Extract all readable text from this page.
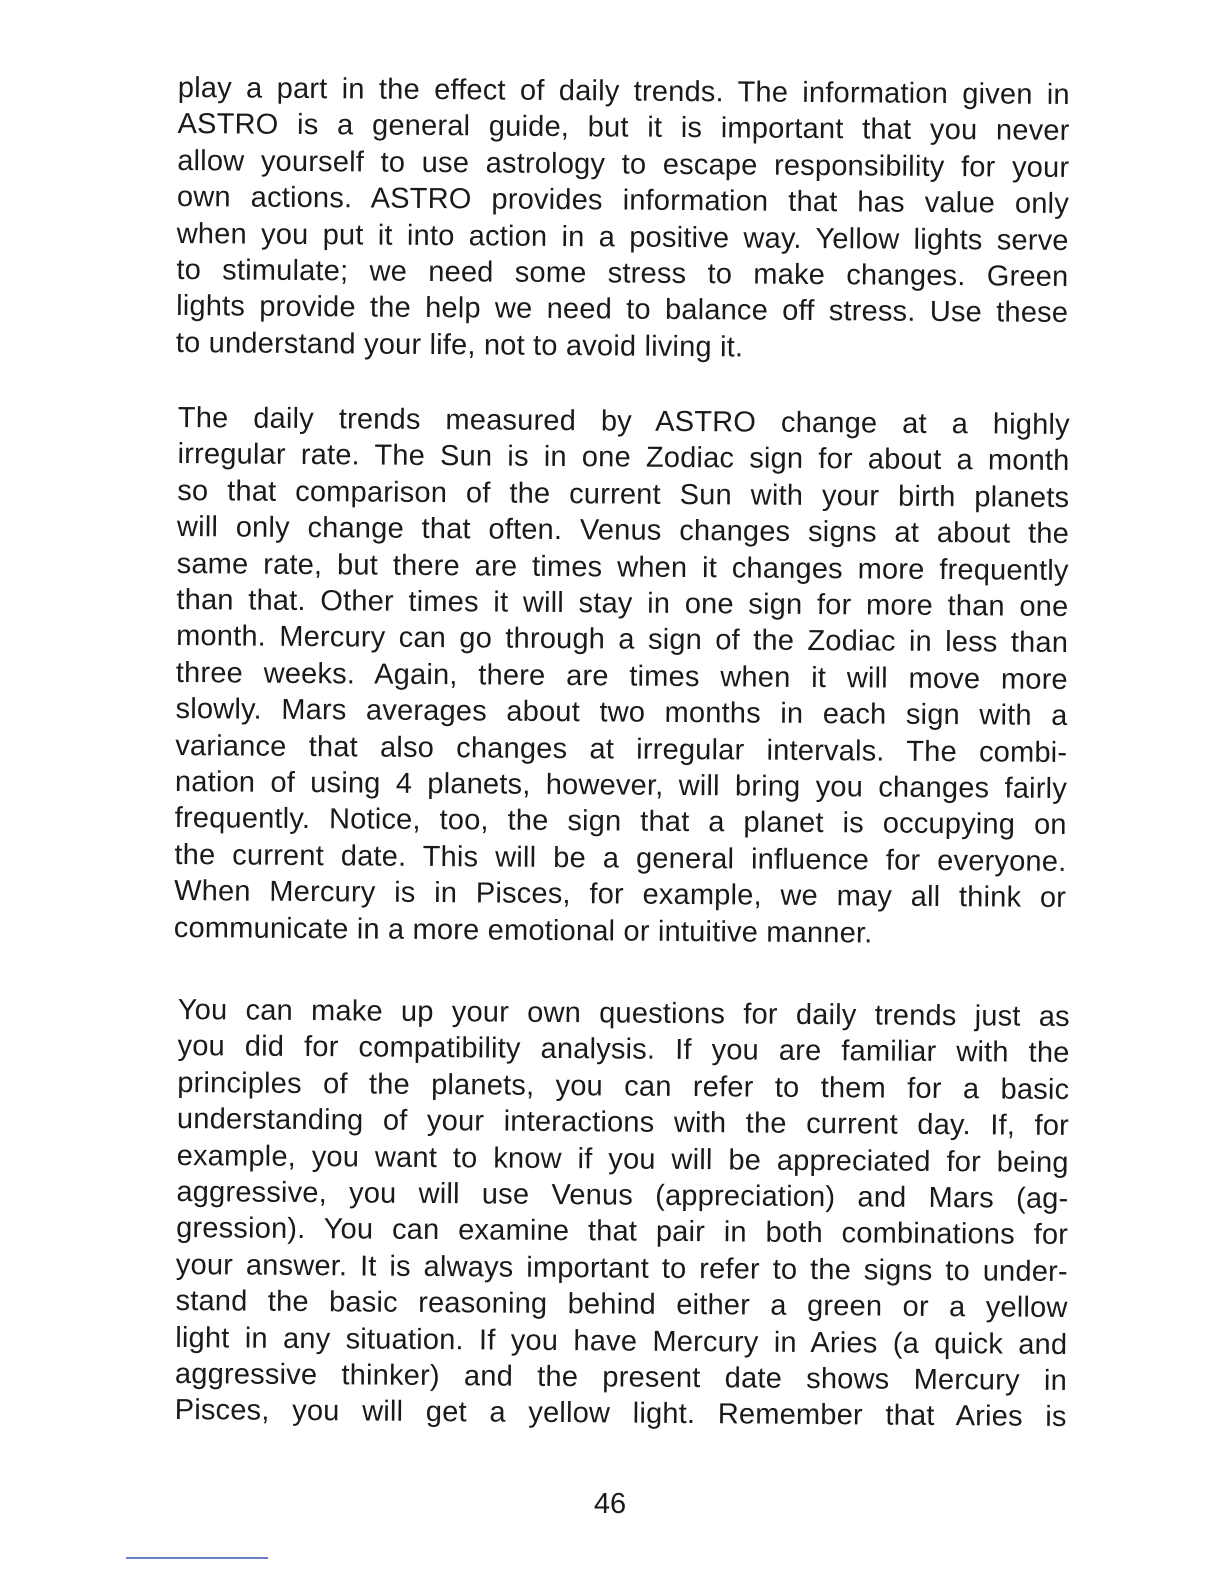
play a part in the effect of daily trends. The information given in
ASTRO is a general guide, but it is important that you never
allow yourself to use astrology to escape responsibility for your
own actions. ASTRO provides information that has value only
when you put it into action in a positive way. Yellow lights serve
to stimulate; we need some stress to make changes. Green
lights provide the help we need to balance off stress. Use these
to understand your life, not to avoid living it.
The daily trends measured by ASTRO change at a highly
irregular rate. The Sun is in one Zodiac sign for about a month
so that comparison of the current Sun with your birth planets
will only change that often. Venus changes signs at about the
same rate, but there are times when it changes more frequently
than that. Other times it will stay in one sign for more than one
month. Mercury can go through a sign of the Zodiac in less than
three weeks. Again, there are times when it will move more
slowly. Mars averages about two months in each sign with a
variance that also changes at irregular intervals. The combi-
nation of using 4 planets, however, will bring you changes fairly
frequently. Notice, too, the sign that a planet is occupying on
the current date. This will be a general influence for everyone.
When Mercury is in Pisces, for example, we may all think or
communicate in a more emotional or intuitive manner.
You can make up your own questions for daily trends just as
you did for compatibility analysis. If you are familiar with the
principles of the planets, you can refer to them for a basic
understanding of your interactions with the current day. If, for
example, you want to know if you will be appreciated for being
aggressive, you will use Venus (appreciation) and Mars (ag-
gression). You can examine that pair in both combinations for
your answer. It is always important to refer to the signs to under-
stand the basic reasoning behind either a green or a yellow
light in any situation. If you have Mercury in Aries (a quick and
aggressive thinker) and the present date shows Mercury in
Pisces, you will get a yellow light. Remember that Aries is
46
